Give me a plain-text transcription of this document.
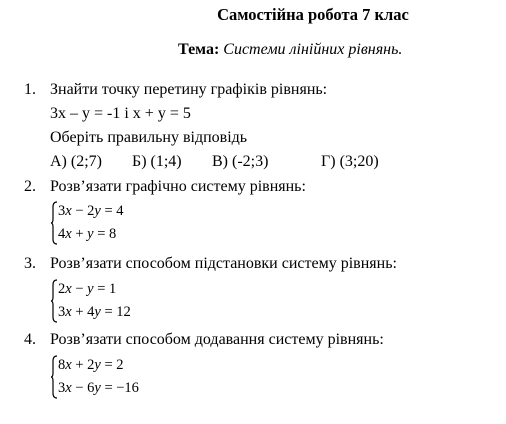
Самостійна робота 7 клас
Тема: Системи лінійних рівнянь.
1. Знайти точку перетину графіків рівнянь:
3x – y = -1 і x + y = 5
Оберіть правильну відповідь
А) (2;7) Б) (1;4) В) (-2;3)	Г) (3;20)
2. Розв’язати графічно систему рівнянь:
3x − 2y = 4
4x + y = 8
3. Розв’язати способом підстановки систему рівнянь:
2x − y = 1
3x + 4y = 12
4. Розв’язати способом додавання систему рівнянь:
8x + 2y = 2
3x − 6y = −16
